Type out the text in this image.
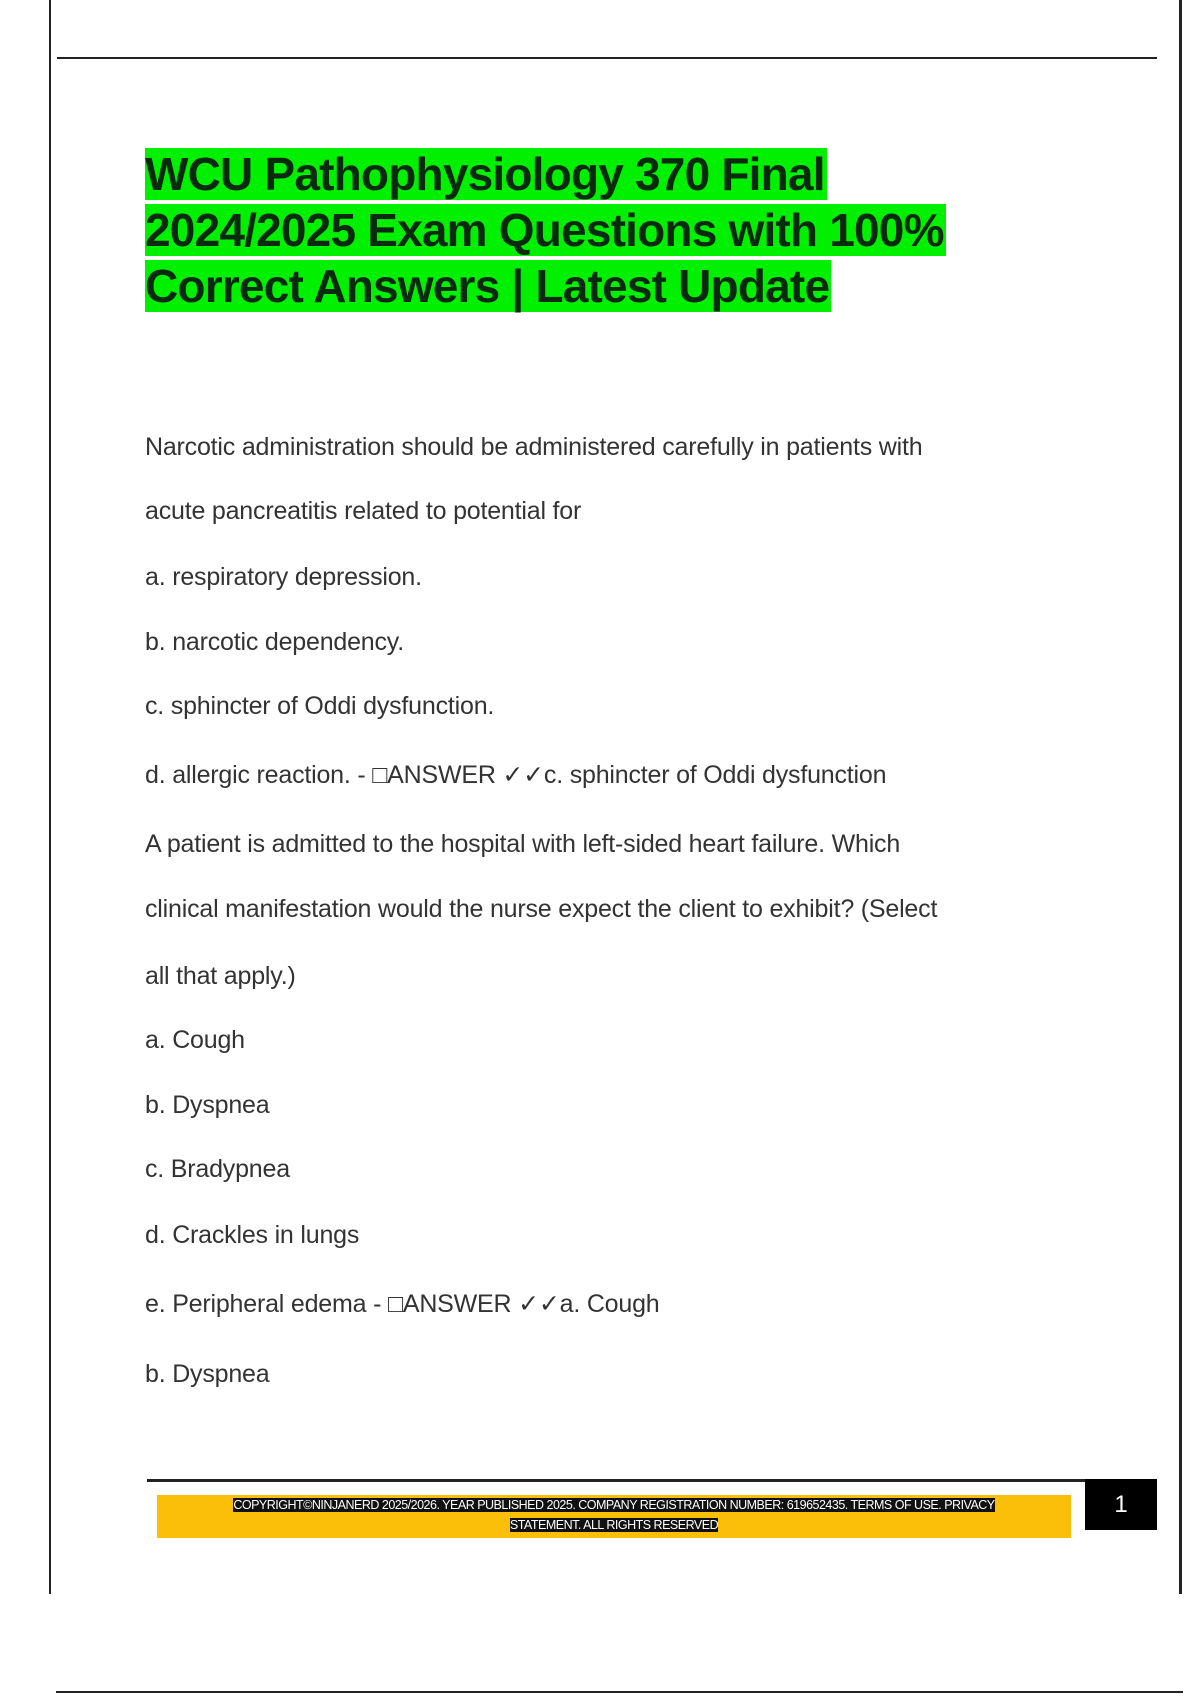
WCU Pathophysiology 370 Final 2024/2025 Exam Questions with 100% Correct Answers | Latest Update
Narcotic administration should be administered carefully in patients with
acute pancreatitis related to potential for
a. respiratory depression.
b. narcotic dependency.
c. sphincter of Oddi dysfunction.
d. allergic reaction. - □ANSWER ✓✓c. sphincter of Oddi dysfunction
A patient is admitted to the hospital with left-sided heart failure. Which
clinical manifestation would the nurse expect the client to exhibit? (Select
all that apply.)
a. Cough
b. Dyspnea
c. Bradypnea
d. Crackles in lungs
e. Peripheral edema - □ANSWER ✓✓a. Cough
b. Dyspnea
COPYRIGHT©NINJANERD 2025/2026. YEAR PUBLISHED 2025. COMPANY REGISTRATION NUMBER: 619652435. TERMS OF USE. PRIVACY
STATEMENT. ALL RIGHTS RESERVED
1
